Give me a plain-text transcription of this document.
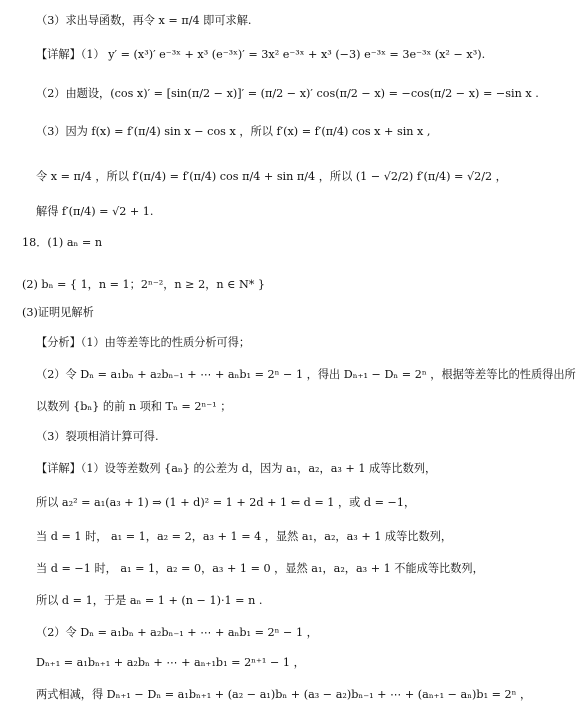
（3）求出导函数，再令 x = π/4 即可求解.
【详解】（1） y′ = (x³)′ e⁻³ˣ + x³ (e⁻³ˣ)′ = 3x² e⁻³ˣ + x³ (−3) e⁻³ˣ = 3e⁻³ˣ (x² − x³).
（2）由题设，(cos x)′ = [sin(π/2 − x)]′ = (π/2 − x)′ cos(π/2 − x) = −cos(π/2 − x) = −sin x .
（3）因为 f(x) = f′(π/4) sin x − cos x ，所以 f′(x) = f′(π/4) cos x + sin x ,
令 x = π/4 ，所以 f′(π/4) = f′(π/4) cos π/4 + sin π/4 ，所以 (1 − √2/2) f′(π/4) = √2/2 ，
解得 f′(π/4) = √2 + 1.
18．(1) aₙ = n
(2) bₙ = { 1，n = 1；2ⁿ⁻²，n ≥ 2，n ∈ N* }
(3)证明见解析
【分析】（1）由等差等比的性质分析可得；
（2）令 Dₙ = a₁bₙ + a₂bₙ₋₁ + ⋯ + aₙb₁ = 2ⁿ − 1 ，得出 Dₙ₊₁ − Dₙ = 2ⁿ ，根据等差等比的性质得出所
以数列 {bₙ} 的前 n 项和 Tₙ = 2ⁿ⁻¹ ；
（3）裂项相消计算可得.
【详解】（1）设等差数列 {aₙ} 的公差为 d，因为 a₁，a₂，a₃ + 1 成等比数列，
所以 a₂² = a₁(a₃ + 1) ⇒ (1 + d)² = 1 + 2d + 1 ⇐ d = 1 ，或 d = −1，
当 d = 1 时， a₁ = 1，a₂ = 2，a₃ + 1 = 4 ，显然 a₁，a₂，a₃ + 1 成等比数列，
当 d = −1 时， a₁ = 1，a₂ = 0，a₃ + 1 = 0 ，显然 a₁，a₂，a₃ + 1 不能成等比数列，
所以 d = 1，于是 aₙ = 1 + (n − 1)·1 = n .
（2）令 Dₙ = a₁bₙ + a₂bₙ₋₁ + ⋯ + aₙb₁ = 2ⁿ − 1 ，
Dₙ₊₁ = a₁bₙ₊₁ + a₂bₙ + ⋯ + aₙ₊₁b₁ = 2ⁿ⁺¹ − 1 ，
两式相减，得 Dₙ₊₁ − Dₙ = a₁bₙ₊₁ + (a₂ − a₁)bₙ + (a₃ − a₂)bₙ₋₁ + ⋯ + (aₙ₊₁ − aₙ)b₁ = 2ⁿ ，
